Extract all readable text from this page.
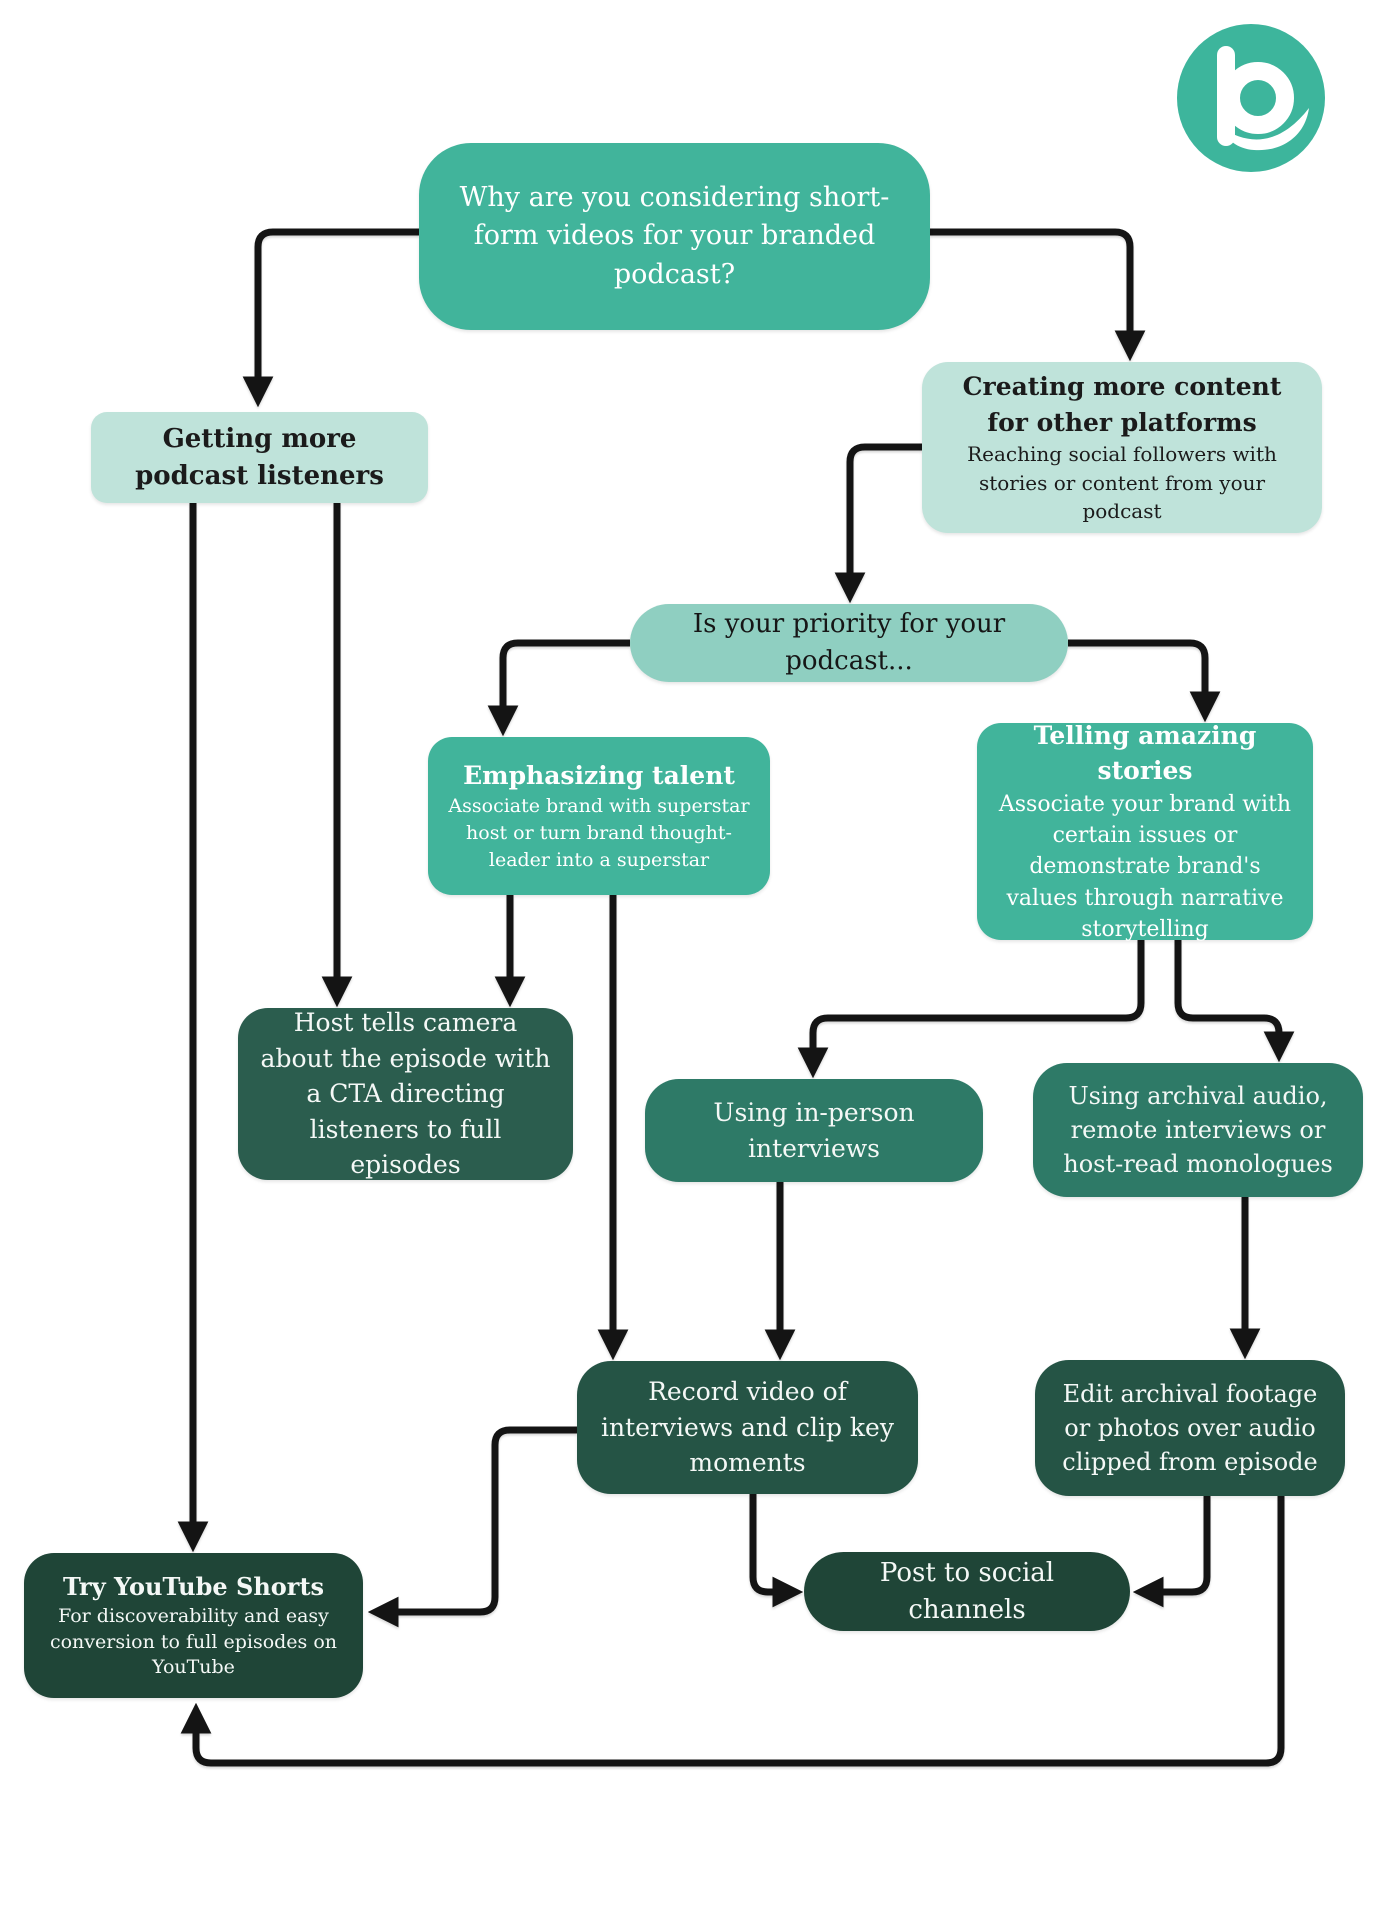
Why are you considering short-form videos for your branded podcast?
Getting more podcast listeners
Creating more content for other platforms
Reaching social followers with stories or content from your podcast
Is your priority for your podcast...
Emphasizing talent
Associate brand with superstar host or turn brand thought-leader into a superstar
Telling amazing stories
Associate your brand with certain issues or demonstrate brand's values through narrative storytelling
Host tells camera about the episode with a CTA directing listeners to full episodes
Using in-person interviews
Using archival audio, remote interviews or host-read monologues
Record video of interviews and clip key moments
Edit archival footage or photos over audio clipped from episode
Post to social channels
Try YouTube Shorts
For discoverability and easy conversion to full episodes on YouTube
